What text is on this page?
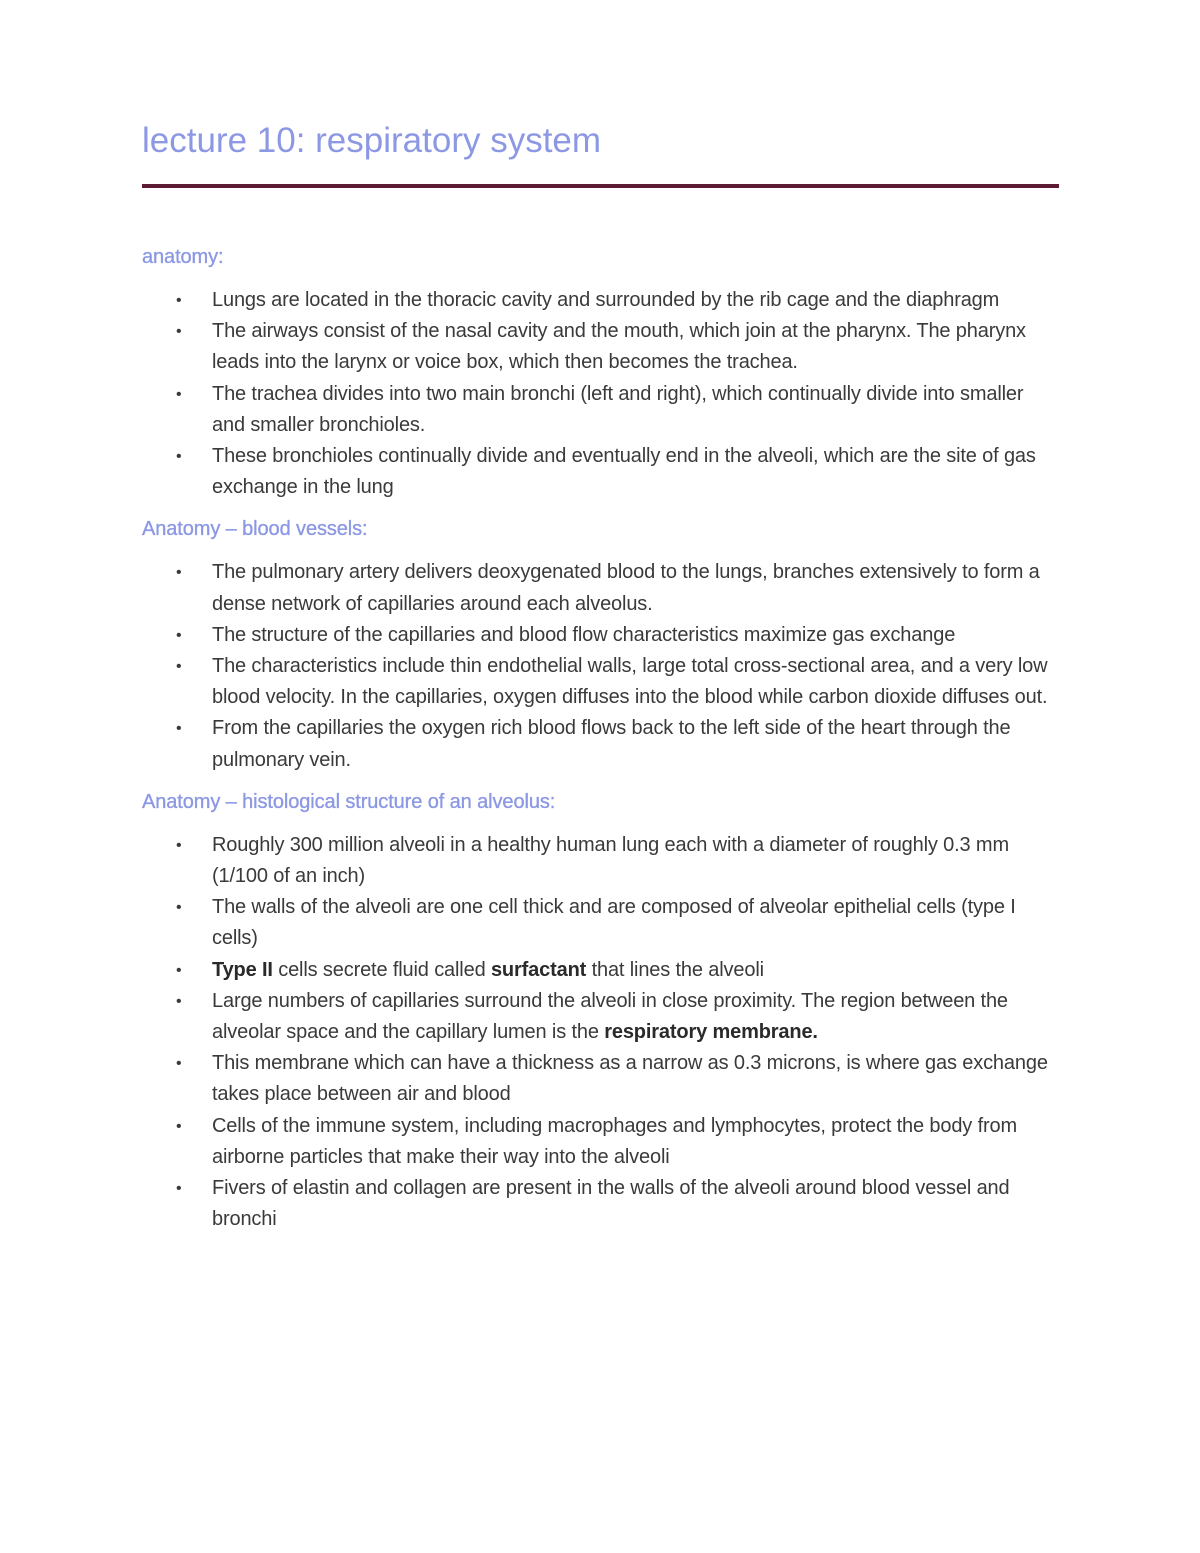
lecture 10: respiratory system
anatomy:
• Lungs are located in the thoracic cavity and surrounded by the rib cage and the diaphragm
• The airways consist of the nasal cavity and the mouth, which join at the pharynx. The pharynx leads into the larynx or voice box, which then becomes the trachea.
• The trachea divides into two main bronchi (left and right), which continually divide into smaller and smaller bronchioles.
• These bronchioles continually divide and eventually end in the alveoli, which are the site of gas exchange in the lung
Anatomy – blood vessels:
• The pulmonary artery delivers deoxygenated blood to the lungs, branches extensively to form a dense network of capillaries around each alveolus.
• The structure of the capillaries and blood flow characteristics maximize gas exchange
• The characteristics include thin endothelial walls, large total cross-sectional area, and a very low blood velocity. In the capillaries, oxygen diffuses into the blood while carbon dioxide diffuses out.
• From the capillaries the oxygen rich blood flows back to the left side of the heart through the pulmonary vein.
Anatomy – histological structure of an alveolus:
• Roughly 300 million alveoli in a healthy human lung each with a diameter of roughly 0.3 mm (1/100 of an inch)
• The walls of the alveoli are one cell thick and are composed of alveolar epithelial cells (type I cells)
• Type II cells secrete fluid called surfactant that lines the alveoli
• Large numbers of capillaries surround the alveoli in close proximity. The region between the alveolar space and the capillary lumen is the respiratory membrane.
• This membrane which can have a thickness as a narrow as 0.3 microns, is where gas exchange takes place between air and blood
• Cells of the immune system, including macrophages and lymphocytes, protect the body from airborne particles that make their way into the alveoli
• Fivers of elastin and collagen are present in the walls of the alveoli around blood vessel and bronchi
